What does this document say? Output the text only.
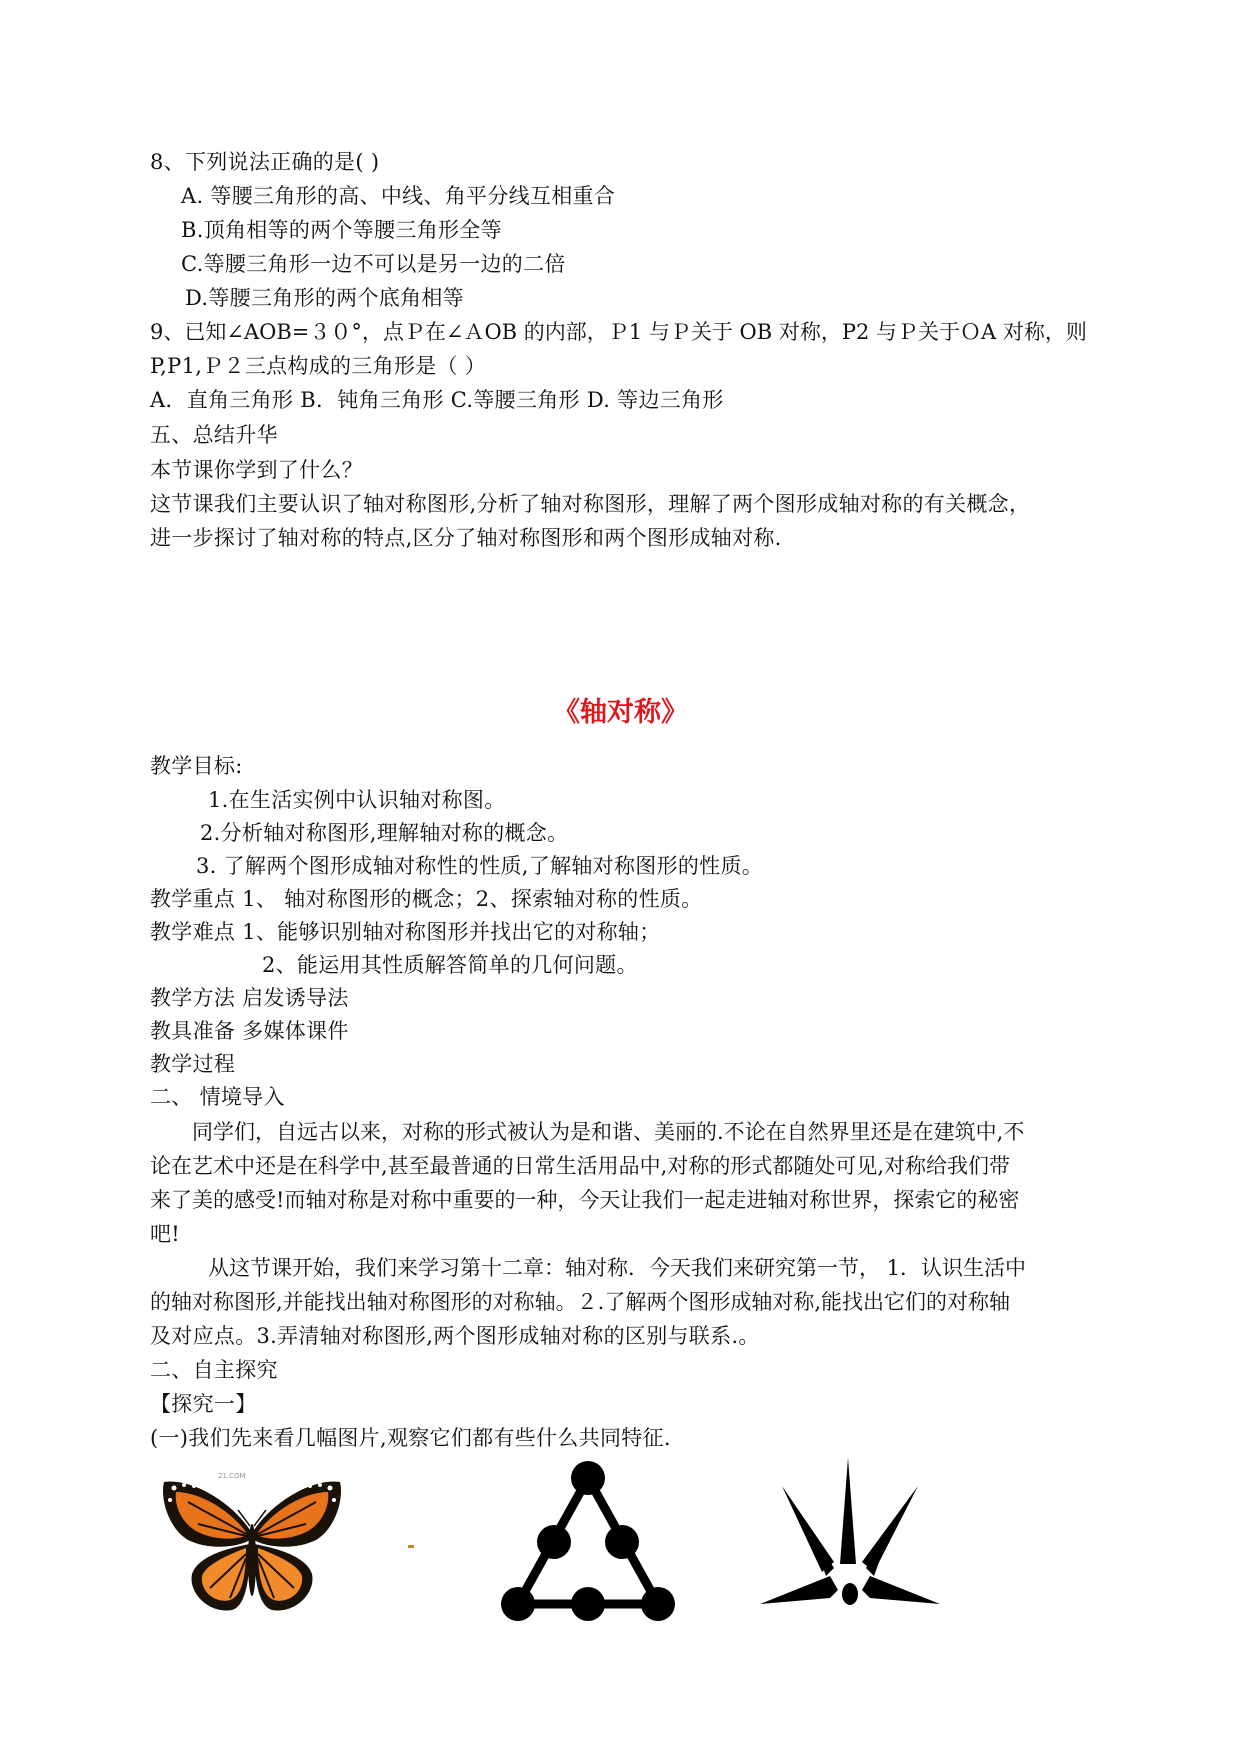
8、下列说法正确的是( )
A. 等腰三角形的高、中线、角平分线互相重合
B.顶角相等的两个等腰三角形全等
C.等腰三角形一边不可以是另一边的二倍
D.等腰三角形的两个底角相等
9、已知∠AOB=３０°，点Ｐ在∠ＡOB 的内部，Ｐ1 与Ｐ关于 OB 对称，P2 与Ｐ关于ＯA 对称，则
P,P1,Ｐ２三点构成的三角形是（ ）
A．直角三角形 B．钝角三角形 C.等腰三角形 D. 等边三角形
五、总结升华
本节课你学到了什么？
这节课我们主要认识了轴对称图形,分析了轴对称图形，理解了两个图形成轴对称的有关概念，
进一步探讨了轴对称的特点,区分了轴对称图形和两个图形成轴对称.
《轴对称》
教学目标:
1.在生活实例中认识轴对称图。
2.分析轴对称图形,理解轴对称的概念。
3. 了解两个图形成轴对称性的性质,了解轴对称图形的性质。
教学重点 1、 轴对称图形的概念；2、探索轴对称的性质。
教学难点 1、能够识别轴对称图形并找出它的对称轴；
2、能运用其性质解答简单的几何问题。
教学方法 启发诱导法
教具准备 多媒体课件
教学过程
二、 情境导入
同学们，自远古以来，对称的形式被认为是和谐、美丽的.不论在自然界里还是在建筑中,不
论在艺术中还是在科学中,甚至最普通的日常生活用品中,对称的形式都随处可见,对称给我们带
来了美的感受!而轴对称是对称中重要的一种，今天让我们一起走进轴对称世界，探索它的秘密
吧!
从这节课开始，我们来学习第十二章：轴对称．今天我们来研究第一节， 1．认识生活中
的轴对称图形,并能找出轴对称图形的对称轴。２.了解两个图形成轴对称,能找出它们的对称轴
及对应点。3.弄清轴对称图形,两个图形成轴对称的区别与联系.。
二、自主探究
【探究一】
(一)我们先来看几幅图片,观察它们都有些什么共同特征.
21.COM
